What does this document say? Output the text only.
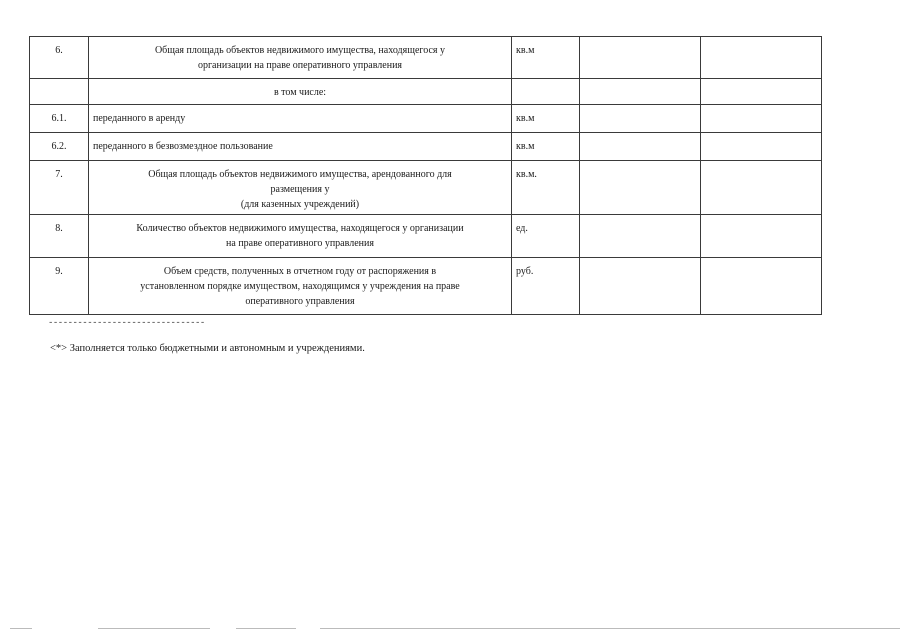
6.	Общая площадь объектов недвижимого имущества, находящегося у
организации на праве оперативного управления	кв.м		
	в том числе:			
6.1.	переданного в аренду	кв.м		
6.2.	переданного в безвозмездное пользование	кв.м		
7.	Общая площадь объектов недвижимого имущества, арендованного для
размещения у
(для казенных учреждений)	кв.м.		
8.	Количество объектов недвижимого имущества, находящегося у организации
на праве оперативного управления	ед.		
9.	Объем средств, полученных в отчетном году от распоряжения в
установленном порядке имуществом, находящимся у учреждения на праве
оперативного управления	руб.		
--------------------------------
<*> Заполняется только бюджетными и автономным и учреждениями.
